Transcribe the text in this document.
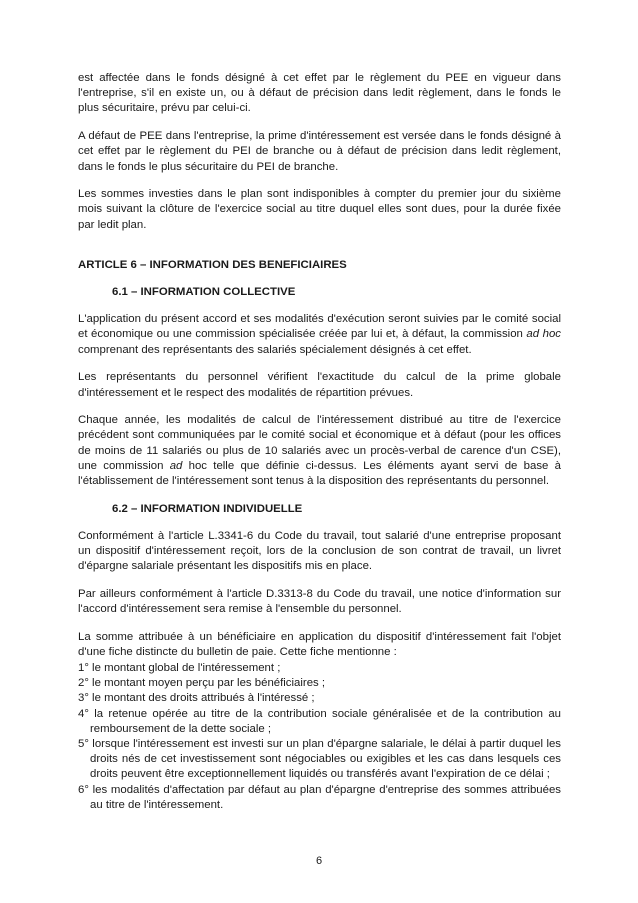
est affectée dans le fonds désigné à cet effet par le règlement du PEE en vigueur dans l'entreprise, s'il en existe un, ou à défaut de précision dans ledit règlement, dans le fonds le plus sécuritaire, prévu par celui-ci.

A défaut de PEE dans l'entreprise, la prime d'intéressement est versée dans le fonds désigné à cet effet par le règlement du PEI de branche ou à défaut de précision dans ledit règlement, dans le fonds le plus sécuritaire du PEI de branche.

Les sommes investies dans le plan sont indisponibles à compter du premier jour du sixième mois suivant la clôture de l'exercice social au titre duquel elles sont dues, pour la durée fixée par ledit plan.

ARTICLE 6 – INFORMATION DES BENEFICIAIRES
6.1 – INFORMATION COLLECTIVE

L'application du présent accord et ses modalités d'exécution seront suivies par le comité social et économique ou une commission spécialisée créée par lui et, à défaut, la commission ad hoc comprenant des représentants des salariés spécialement désignés à cet effet.

Les représentants du personnel vérifient l'exactitude du calcul de la prime globale d'intéressement et le respect des modalités de répartition prévues.

Chaque année, les modalités de calcul de l'intéressement distribué au titre de l'exercice précédent sont communiquées par le comité social et économique et à défaut (pour les offices de moins de 11 salariés ou plus de 10 salariés avec un procès-verbal de carence d'un CSE), une commission ad hoc telle que définie ci-dessus. Les éléments ayant servi de base à l'établissement de l'intéressement sont tenus à la disposition des représentants du personnel.

6.2 – INFORMATION INDIVIDUELLE

Conformément à l'article L.3341-6 du Code du travail, tout salarié d'une entreprise proposant un dispositif d'intéressement reçoit, lors de la conclusion de son contrat de travail, un livret d'épargne salariale présentant les dispositifs mis en place.

Par ailleurs conformément à l'article D.3313-8 du Code du travail, une notice d'information sur l'accord d'intéressement sera remise à l'ensemble du personnel.

La somme attribuée à un bénéficiaire en application du dispositif d'intéressement fait l'objet d'une fiche distincte du bulletin de paie. Cette fiche mentionne :

1° le montant global de l'intéressement ;
2° le montant moyen perçu par les bénéficiaires ;
3° le montant des droits attribués à l'intéressé ;
4° la retenue opérée au titre de la contribution sociale généralisée et de la contribution au remboursement de la dette sociale ;
5° lorsque l'intéressement est investi sur un plan d'épargne salariale, le délai à partir duquel les droits nés de cet investissement sont négociables ou exigibles et les cas dans lesquels ces droits peuvent être exceptionnellement liquidés ou transférés avant l'expiration de ce délai ;
6° les modalités d'affectation par défaut au plan d'épargne d'entreprise des sommes attribuées au titre de l'intéressement.
6
